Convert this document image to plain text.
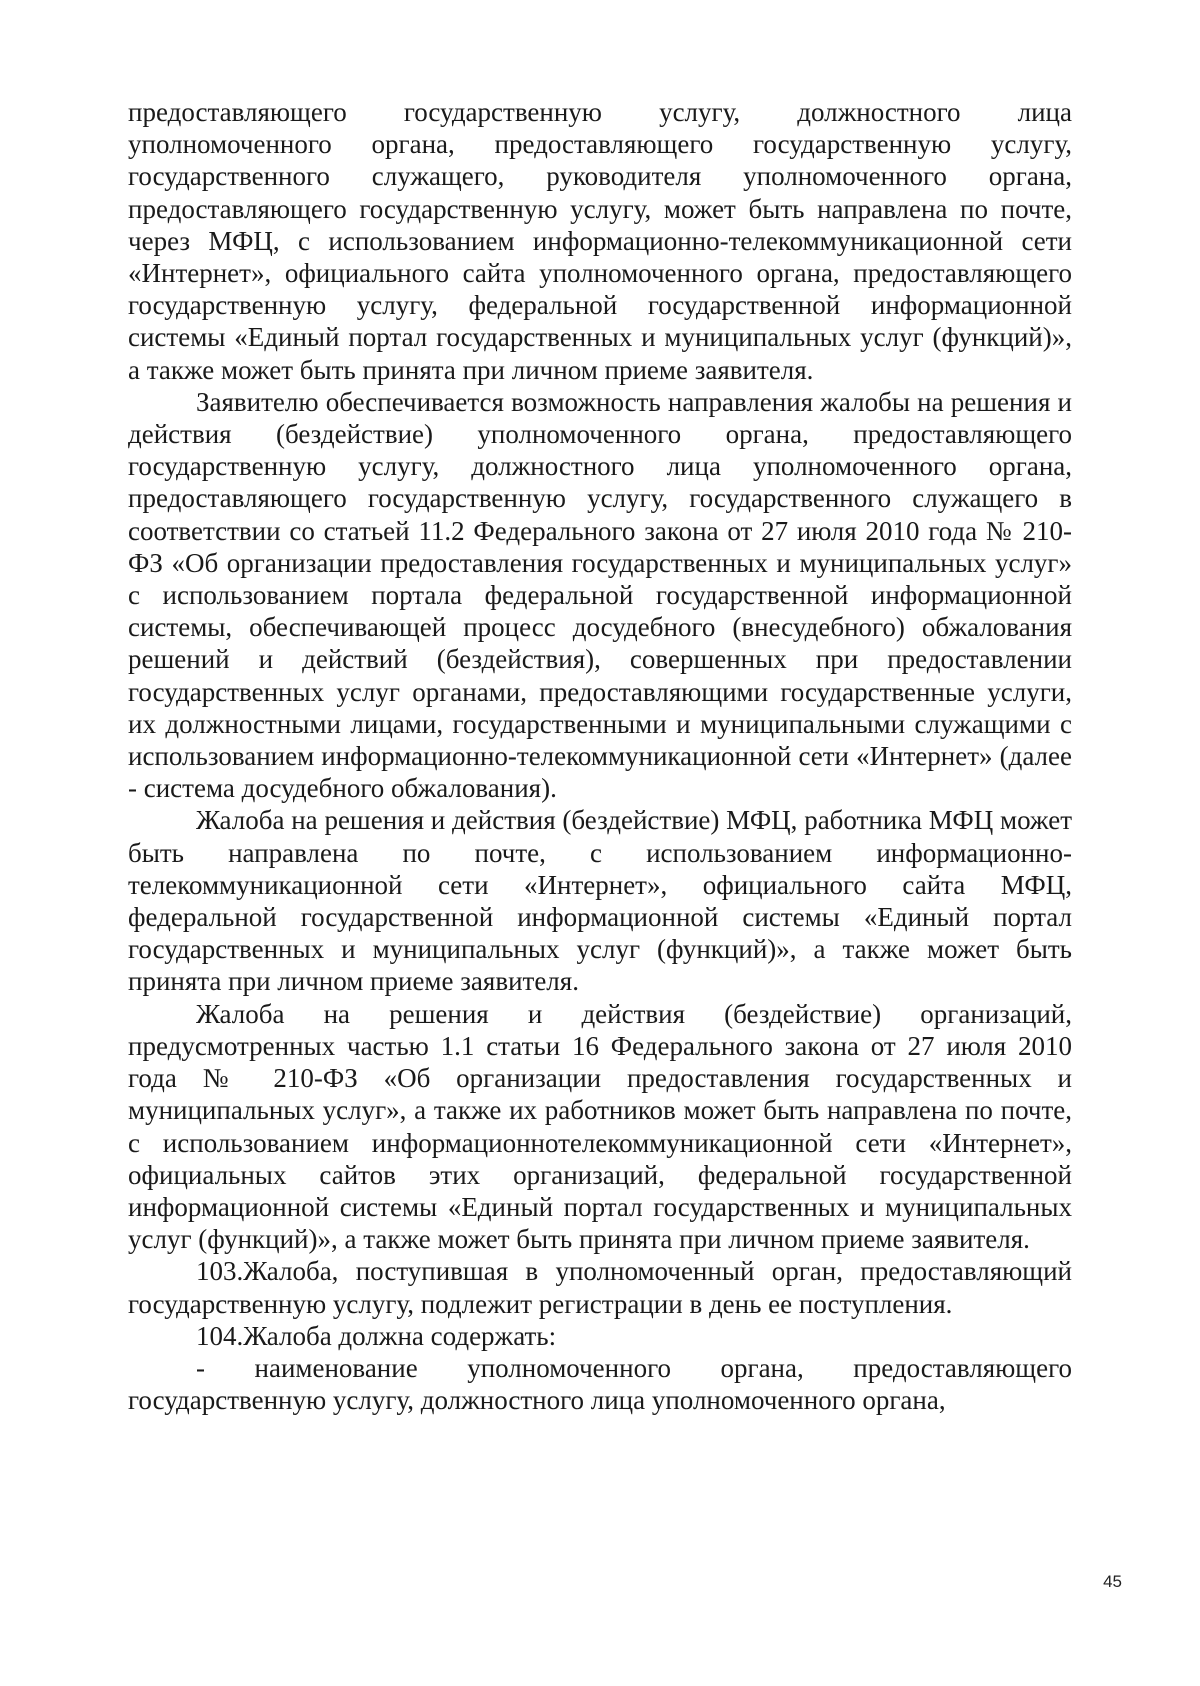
предоставляющего государственную услугу, должностного лица уполномоченного органа, предоставляющего государственную услугу, государственного служащего, руководителя уполномоченного органа, предоставляющего государственную услугу, может быть направлена по почте, через МФЦ, с использованием информационно-телекоммуникационной сети «Интернет», официального сайта уполномоченного органа, предоставляющего государственную услугу, федеральной государственной информационной системы «Единый портал государственных и муниципальных услуг (функций)», а также может быть принята при личном приеме заявителя.

Заявителю обеспечивается возможность направления жалобы на решения и действия (бездействие) уполномоченного органа, предоставляющего государственную услугу, должностного лица уполномоченного органа, предоставляющего государственную услугу, государственного служащего в соответствии со статьей 11.2 Федерального закона от 27 июля 2010 года № 210-ФЗ «Об организации предоставления государственных и муниципальных услуг» с использованием портала федеральной государственной информационной системы, обеспечивающей процесс досудебного (внесудебного) обжалования решений и действий (бездействия), совершенных при предоставлении государственных услуг органами, предоставляющими государственные услуги, их должностными лицами, государственными и муниципальными служащими с использованием информационно-телекоммуникационной сети «Интернет» (далее - система досудебного обжалования).

Жалоба на решения и действия (бездействие) МФЦ, работника МФЦ может быть направлена по почте, с использованием информационно-телекоммуникационной сети «Интернет», официального сайта МФЦ, федеральной государственной информационной системы «Единый портал государственных и муниципальных услуг (функций)», а также может быть принята при личном приеме заявителя.

Жалоба на решения и действия (бездействие) организаций, предусмотренных частью 1.1 статьи 16 Федерального закона от 27 июля 2010 года № 210-ФЗ «Об организации предоставления государственных и муниципальных услуг», а также их работников может быть направлена по почте, с использованием информационнотелекоммуникационной сети «Интернет», официальных сайтов этих организаций, федеральной государственной информационной системы «Единый портал государственных и муниципальных услуг (функций)», а также может быть принята при личном приеме заявителя.

103.Жалоба, поступившая в уполномоченный орган, предоставляющий государственную услугу, подлежит регистрации в день ее поступления.

104.Жалоба должна содержать:

- наименование уполномоченного органа, предоставляющего государственную услугу, должностного лица уполномоченного органа,

45
